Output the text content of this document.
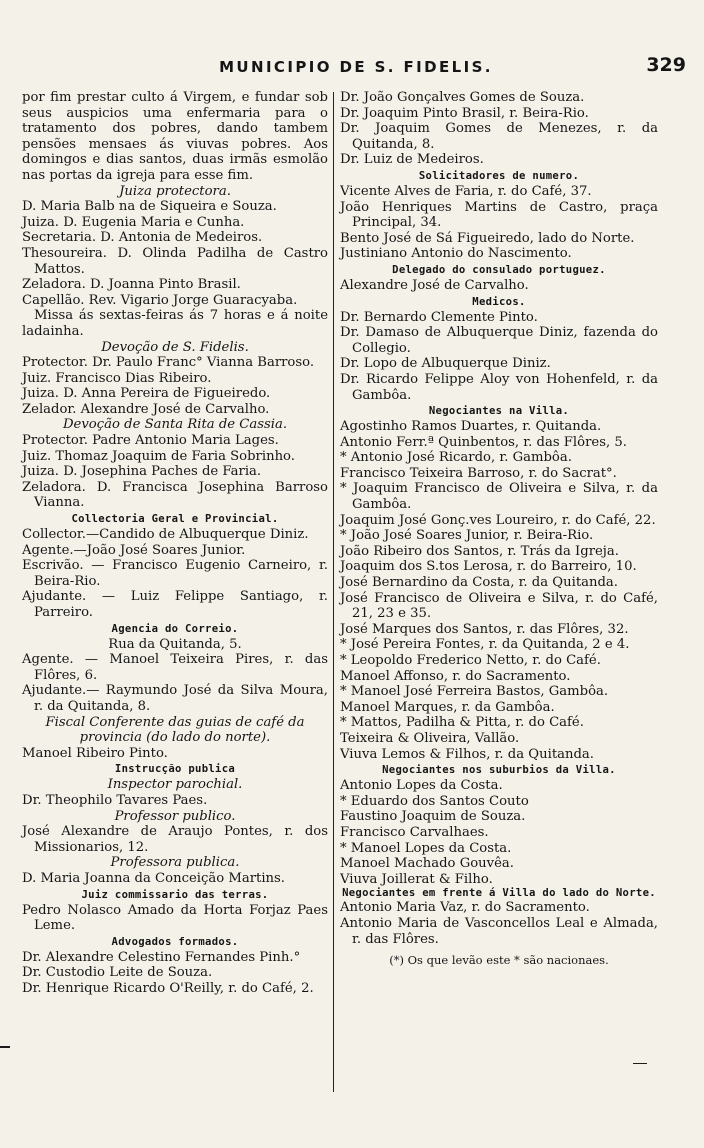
MUNICIPIO DE S. FIDELIS.	329

por fim prestar culto á Virgem, e fundar sob seus auspicios uma enfermaria para o tratamento dos pobres, dando tambem pensões mensaes ás viuvas pobres. Aos domingos e dias santos, duas irmãs esmolão nas portas da igreja para esse fim.

Juiza protectora.

D. Maria Balb na de Siqueira e Souza.

Juiza. D. Eugenia Maria e Cunha.

Secretaria. D. Antonia de Medeiros.

Thesoureira. D. Olinda Padilha de Castro Mattos.

Zeladora. D. Joanna Pinto Brasil.

Capellão. Rev. Vigario Jorge Guaracyaba.

Missa ás sextas-feiras ás 7 horas e á noite ladainha.

Devoção de S. Fidelis.

Protector. Dr. Paulo Franc° Vianna Barroso.

Juiz. Francisco Dias Ribeiro.

Juiza. D. Anna Pereira de Figueiredo.

Zelador. Alexandre José de Carvalho.

Devoção de Santa Rita de Cassia.

Protector. Padre Antonio Maria Lages.

Juiz. Thomaz Joaquim de Faria Sobrinho.

Juiza. D. Josephina Paches de Faria.

Zeladora. D. Francisca Josephina Barroso Vianna.

Collectoria Geral e Provincial.

Collector.—Candido de Albuquerque Diniz.

Agente.—João José Soares Junior.

Escrivão. — Francisco Eugenio Carneiro, r. Beira-Rio.

Ajudante. — Luiz Felippe Santiago, r. Parreiro.

Agencia do Correio.

Rua da Quitanda, 5.

Agente. — Manoel Teixeira Pires, r. das Flôres, 6.

Ajudante.— Raymundo José da Silva Moura, r. da Quitanda, 8.

Fiscal Conferente das guias de café da provincia (do lado do norte).

Manoel Ribeiro Pinto.

Instrucção publica

Inspector parochial.

Dr. Theophilo Tavares Paes.

Professor publico.

José Alexandre de Araujo Pontes, r. dos Missionarios, 12.

Professora publica.

D. Maria Joanna da Conceição Martins.

Juiz commissario das terras.

Pedro Nolasco Amado da Horta Forjaz Paes Leme.

Advogados formados.

Dr. Alexandre Celestino Fernandes Pinh.°

Dr. Custodio Leite de Souza.

Dr. Henrique Ricardo O'Reilly, r. do Café, 2.

Dr. João Gonçalves Gomes de Souza.

Dr. Joaquim Pinto Brasil, r. Beira-Rio.

Dr. Joaquim Gomes de Menezes, r. da Quitanda, 8.

Dr. Luiz de Medeiros.

Solicitadores de numero.

Vicente Alves de Faria, r. do Café, 37.

João Henriques Martins de Castro, praça Principal, 34.

Bento José de Sá Figueiredo, lado do Norte.

Justiniano Antonio do Nascimento.

Delegado do consulado portuguez.

Alexandre José de Carvalho.

Medicos.

Dr. Bernardo Clemente Pinto.

Dr. Damaso de Albuquerque Diniz, fazenda do Collegio.

Dr. Lopo de Albuquerque Diniz.

Dr. Ricardo Felippe Aloy von Hohenfeld, r. da Gambôa.

Negociantes na Villa.

Agostinho Ramos Duartes, r. Quitanda.

Antonio Ferr.ª Quinbentos, r. das Flôres, 5.

* Antonio José Ricardo, r. Gambôa.

Francisco Teixeira Barroso, r. do Sacrat°.

* Joaquim Francisco de Oliveira e Silva, r. da Gambôa.

Joaquim José Gonç.ves Loureiro, r. do Café, 22.

* João José Soares Junior, r. Beira-Rio.

João Ribeiro dos Santos, r. Trás da Igreja.

Joaquim dos S.tos Lerosa, r. do Barreiro, 10.

José Bernardino da Costa, r. da Quitanda.

José Francisco de Oliveira e Silva, r. do Café, 21, 23 e 35.

José Marques dos Santos, r. das Flôres, 32.

* José Pereira Fontes, r. da Quitanda, 2 e 4.

* Leopoldo Frederico Netto, r. do Café.

Manoel Affonso, r. do Sacramento.

* Manoel José Ferreira Bastos, Gambôa.

Manoel Marques, r. da Gambôa.

* Mattos, Padilha & Pitta, r. do Café.

Teixeira & Oliveira, Vallão.

Viuva Lemos & Filhos, r. da Quitanda.

Negociantes nos suburbios da Villa.

Antonio Lopes da Costa.

* Eduardo dos Santos Couto

Faustino Joaquim de Souza.

Francisco Carvalhaes.

* Manoel Lopes da Costa.

Manoel Machado Gouvêa.

Viuva Joillerat & Filho.

Negociantes em frente á Villa do lado do Norte.

Antonio Maria Vaz, r. do Sacramento.

Antonio Maria de Vasconcellos Leal e Almada, r. das Flôres.

(*) Os que levão este * são nacionaes.
